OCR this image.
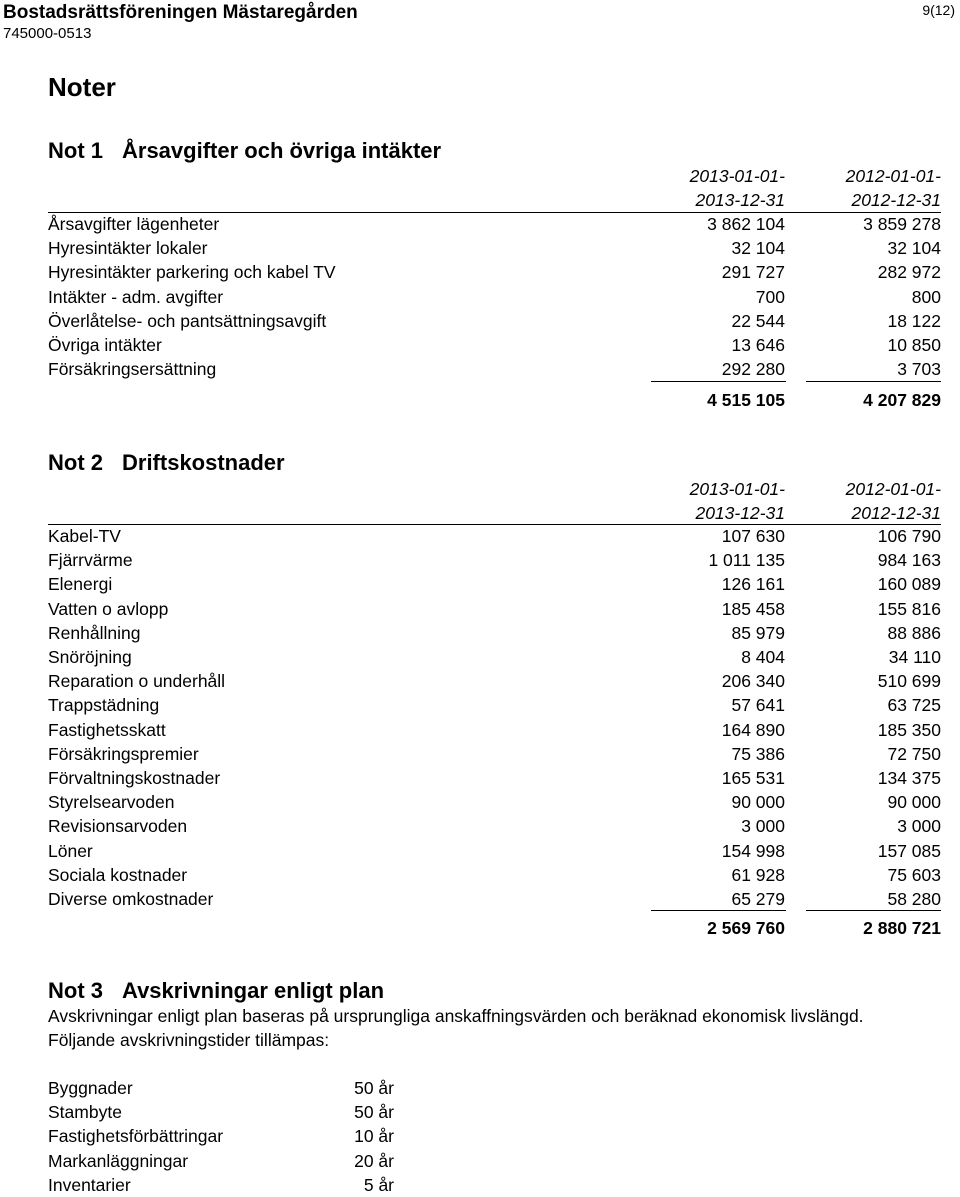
Bostadsrättsföreningen Mästaregården
745000-0513
9(12)
Noter
Not 1 Årsavgifter och övriga intäkter
2013-01-01-
2013-12-31
2012-01-01-
2012-12-31
Årsavgifter lägenheter	3 862 104	3 859 278
Hyresintäkter lokaler	32 104	32 104
Hyresintäkter parkering och kabel TV	291 727	282 972
Intäkter - adm. avgifter	700	800
Överlåtelse- och pantsättningsavgift	22 544	18 122
Övriga intäkter	13 646	10 850
Försäkringsersättning	292 280	3 703
4 515 105	4 207 829
Not 2 Driftskostnader
2013-01-01-
2013-12-31
2012-01-01-
2012-12-31
Kabel-TV	107 630	106 790
Fjärrvärme	1 011 135	984 163
Elenergi	126 161	160 089
Vatten o avlopp	185 458	155 816
Renhållning	85 979	88 886
Snöröjning	8 404	34 110
Reparation o underhåll	206 340	510 699
Trappstädning	57 641	63 725
Fastighetsskatt	164 890	185 350
Försäkringspremier	75 386	72 750
Förvaltningskostnader	165 531	134 375
Styrelsearvoden	90 000	90 000
Revisionsarvoden	3 000	3 000
Löner	154 998	157 085
Sociala kostnader	61 928	75 603
Diverse omkostnader	65 279	58 280
2 569 760	2 880 721
Not 3 Avskrivningar enligt plan
Avskrivningar enligt plan baseras på ursprungliga anskaffningsvärden och beräknad ekonomisk livslängd. Följande avskrivningstider tillämpas:
Byggnader	50 år
Stambyte	50 år
Fastighetsförbättringar	10 år
Markanläggningar	20 år
Inventarier	5 år
